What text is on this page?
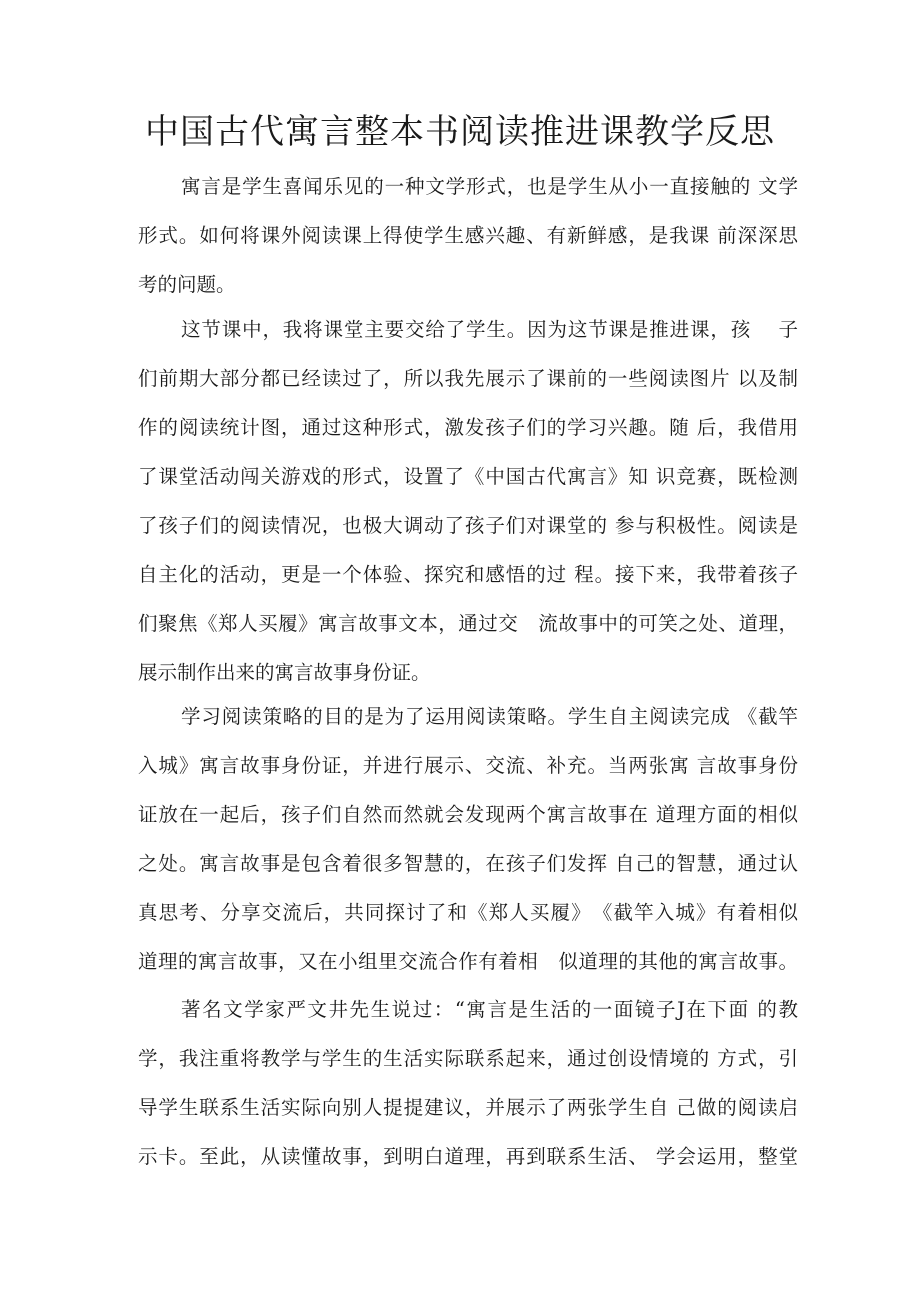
中国古代寓言整本书阅读推进课教学反思
寓言是学生喜闻乐见的一种文学形式，也是学生从小一直接触的 文学
形式。如何将课外阅读课上得使学生感兴趣、有新鲜感，是我课 前深深思
考的问题。
这节课中，我将课堂主要交给了学生。因为这节课是推进课，孩　 子
们前期大部分都已经读过了，所以我先展示了课前的一些阅读图片 以及制
作的阅读统计图，通过这种形式，激发孩子们的学习兴趣。随 后，我借用
了课堂活动闯关游戏的形式，设置了《中国古代寓言》知 识竞赛，既检测
了孩子们的阅读情况，也极大调动了孩子们对课堂的 参与积极性。阅读是
自主化的活动，更是一个体验、探究和感悟的过 程。接下来，我带着孩子
们聚焦《郑人买履》寓言故事文本，通过交　流故事中的可笑之处、道理，
展示制作出来的寓言故事身份证。
学习阅读策略的目的是为了运用阅读策略。学生自主阅读完成 《截竿
入城》寓言故事身份证，并进行展示、交流、补充。当两张寓 言故事身份
证放在一起后，孩子们自然而然就会发现两个寓言故事在 道理方面的相似
之处。寓言故事是包含着很多智慧的，在孩子们发挥 自己的智慧，通过认
真思考、分享交流后，共同探讨了和《郑人买履》　《截竿入城》有着相似
道理的寓言故事，又在小组里交流合作有着相　似道理的其他的寓言故事。
著名文学家严文井先生说过：“寓言是生活的一面镜子J在下面 的教
学，我注重将教学与学生的生活实际联系起来，通过创设情境的 方式，引
导学生联系生活实际向别人提提建议，并展示了两张学生自 己做的阅读启
示卡。至此，从读懂故事，到明白道理，再到联系生活、 学会运用，整堂
